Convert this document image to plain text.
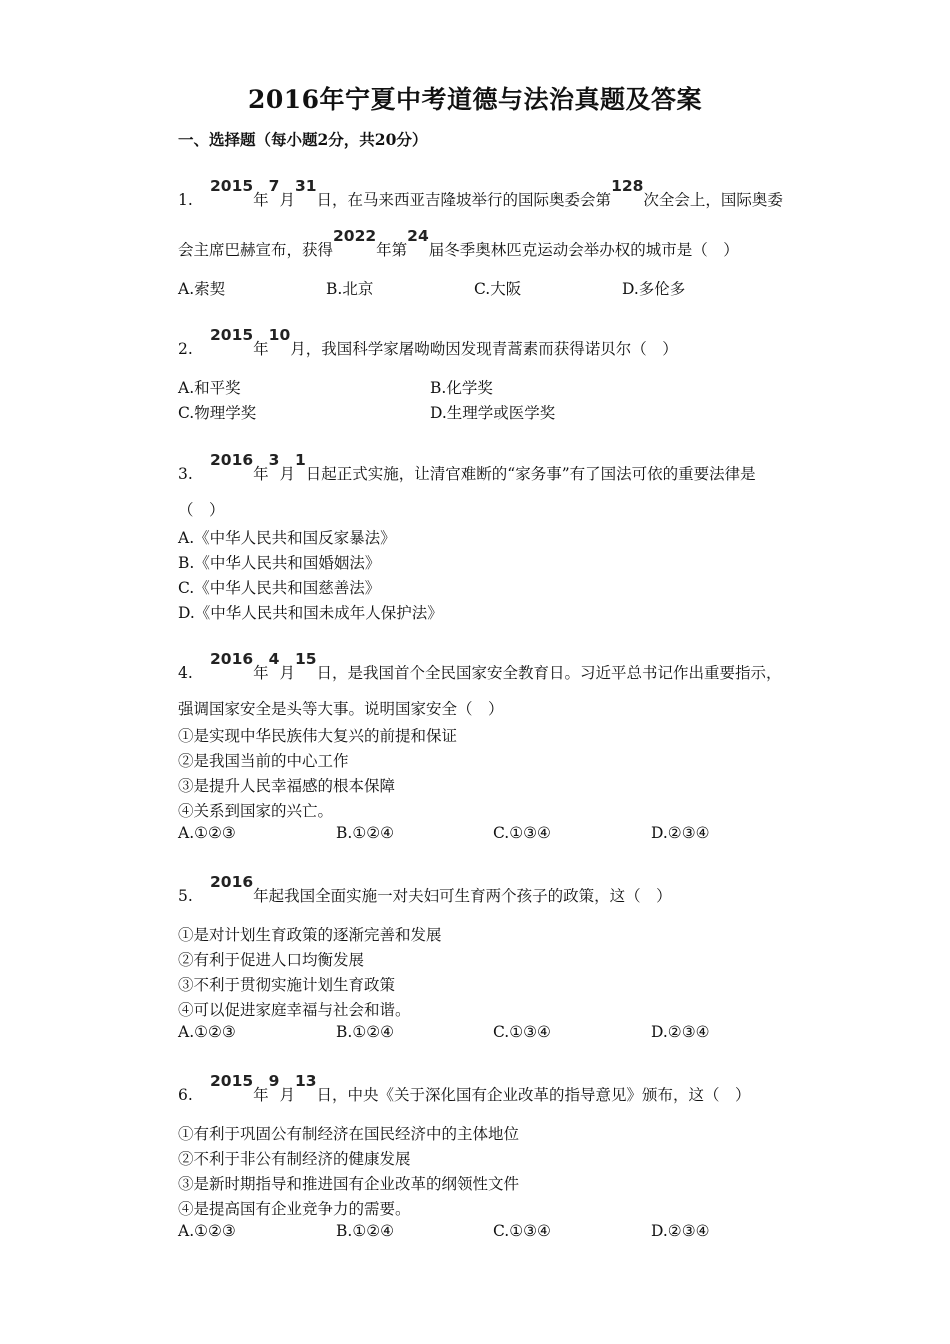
2016年宁夏中考道德与法治真题及答案
一、选择题（每小题2分，共20分）
1.2015年7月31日，在马来西亚吉隆坡举行的国际奥委会第128次全会上，国际奥委
会主席巴赫宣布，获得2022年第24届冬季奥林匹克运动会举办权的城市是（　）
A.索契	B.北京	C.大阪	D.多伦多
2.2015年10月，我国科学家屠呦呦因发现青蒿素而获得诺贝尔（　）
A.和平奖	B.化学奖
C.物理学奖	D.生理学或医学奖
3.2016年3月1日起正式实施，让清官难断的“家务事”有了国法可依的重要法律是
（　）
A.《中华人民共和国反家暴法》
B.《中华人民共和国婚姻法》
C.《中华人民共和国慈善法》
D.《中华人民共和国未成年人保护法》
4.2016年4月15日，是我国首个全民国家安全教育日。习近平总书记作出重要指示，
强调国家安全是头等大事。说明国家安全（　）
①是实现中华民族伟大复兴的前提和保证
②是我国当前的中心工作
③是提升人民幸福感的根本保障
④关系到国家的兴亡。
A.①②③	B.①②④	C.①③④	D.②③④
5.2016年起我国全面实施一对夫妇可生育两个孩子的政策，这（　）
①是对计划生育政策的逐渐完善和发展
②有利于促进人口均衡发展
③不利于贯彻实施计划生育政策
④可以促进家庭幸福与社会和谐。
A.①②③	B.①②④	C.①③④	D.②③④
6.2015年9月13日，中央《关于深化国有企业改革的指导意见》颁布，这（　）
①有利于巩固公有制经济在国民经济中的主体地位
②不利于非公有制经济的健康发展
③是新时期指导和推进国有企业改革的纲领性文件
④是提高国有企业竞争力的需要。
A.①②③	B.①②④	C.①③④	D.②③④
